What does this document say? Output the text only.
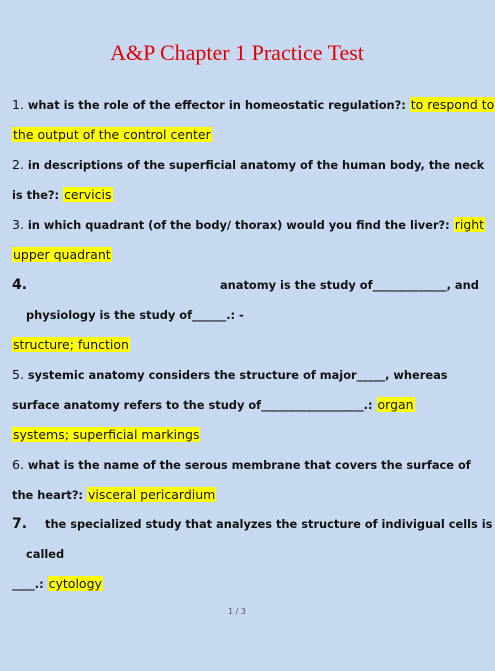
A&P Chapter 1 Practice Test
1. what is the role of the effector in homeostatic regulation?: to respond to
the output of the control center
2. in descriptions of the superficial anatomy of the human body, the neck
is the?: cervicis
3. in which quadrant (of the body/ thorax) would you find the liver?: right
upper quadrant
4.	anatomy is the study of_____________, and
physiology is the study of______.: -
structure; function
5. systemic anatomy considers the structure of major_____, whereas
surface anatomy refers to the study of__________________.: organ
systems; superficial markings
6. what is the name of the serous membrane that covers the surface of
the heart?: visceral pericardium
7. the specialized study that analyzes the structure of indivigual cells is
called
____.: cytology
1 / 3
